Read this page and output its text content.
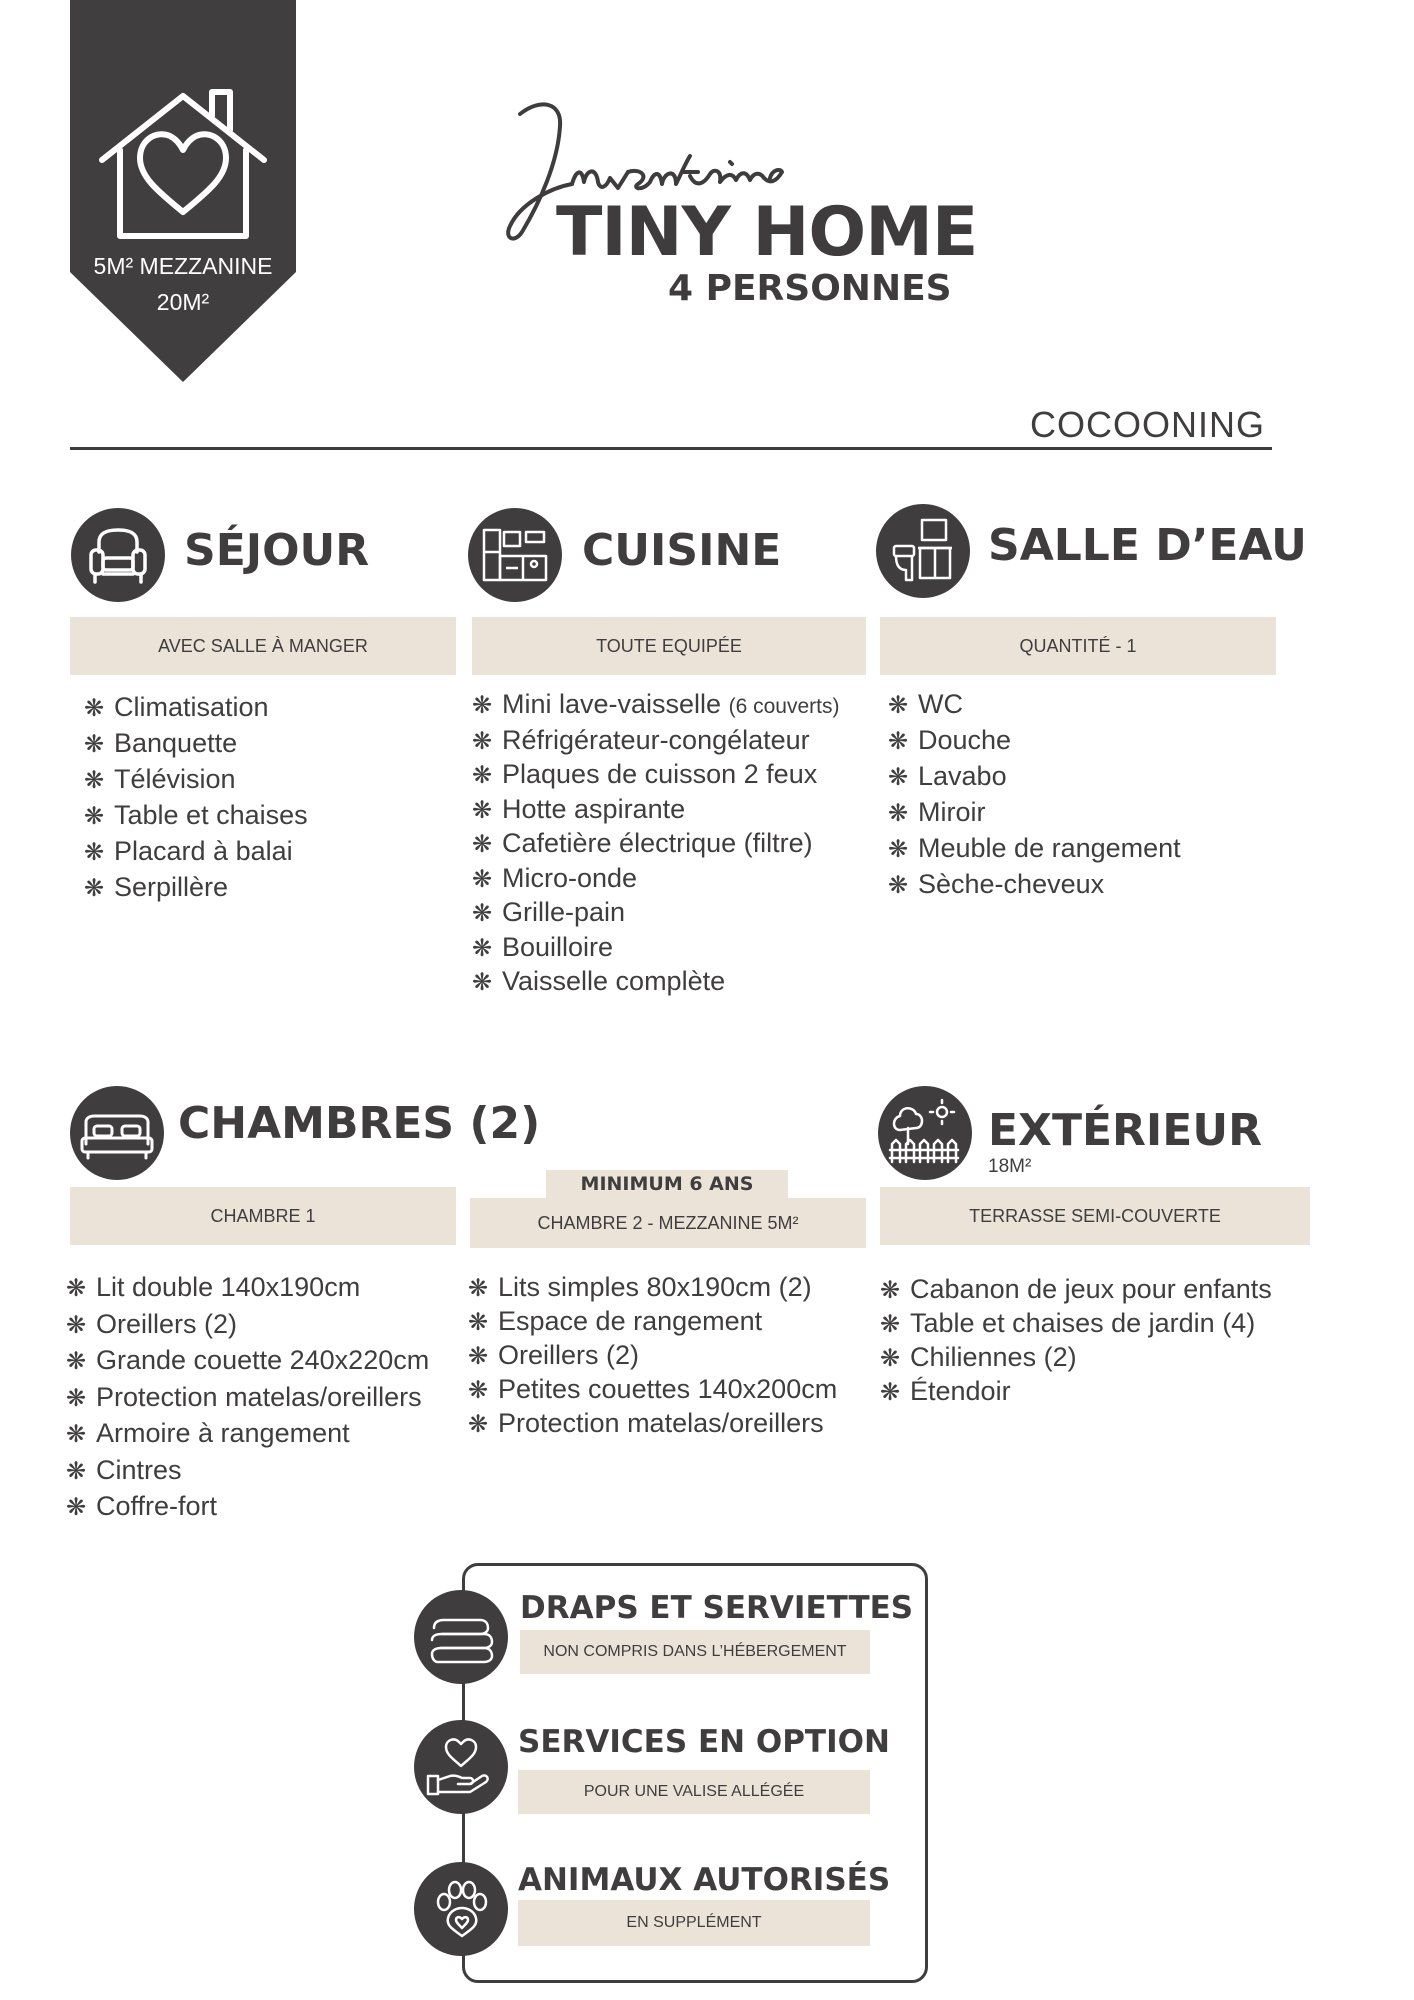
5M² MEZZANINE
20M²
TINY HOME
4 PERSONNES
COCOONING
SÉJOUR
AVEC SALLE À MANGER
❋ Climatisation
❋ Banquette
❋ Télévision
❋ Table et chaises
❋ Placard à balai
❋ Serpillère
CUISINE
TOUTE EQUIPÉE
❋ Mini lave-vaisselle (6 couverts)
❋ Réfrigérateur-congélateur
❋ Plaques de cuisson 2 feux
❋ Hotte aspirante
❋ Cafetière électrique (filtre)
❋ Micro-onde
❋ Grille-pain
❋ Bouilloire
❋ Vaisselle complète
SALLE D’EAU
QUANTITÉ - 1
❋ WC
❋ Douche
❋ Lavabo
❋ Miroir
❋ Meuble de rangement
❋ Sèche-cheveux
CHAMBRES (2)
CHAMBRE 1
❋ Lit double 140x190cm
❋ Oreillers (2)
❋ Grande couette 240x220cm
❋ Protection matelas/oreillers
❋ Armoire à rangement
❋ Cintres
❋ Coffre-fort
MINIMUM 6 ANS
CHAMBRE 2 - MEZZANINE 5M²
❋ Lits simples 80x190cm (2)
❋ Espace de rangement
❋ Oreillers (2)
❋ Petites couettes 140x200cm
❋ Protection matelas/oreillers
EXTÉRIEUR
18M²
TERRASSE SEMI-COUVERTE
❋ Cabanon de jeux pour enfants
❋ Table et chaises de jardin (4)
❋ Chiliennes (2)
❋ Étendoir
DRAPS ET SERVIETTES
NON COMPRIS DANS L’HÉBERGEMENT
SERVICES EN OPTION
POUR UNE VALISE ALLÉGÉE
ANIMAUX AUTORISÉS
EN SUPPLÉMENT
